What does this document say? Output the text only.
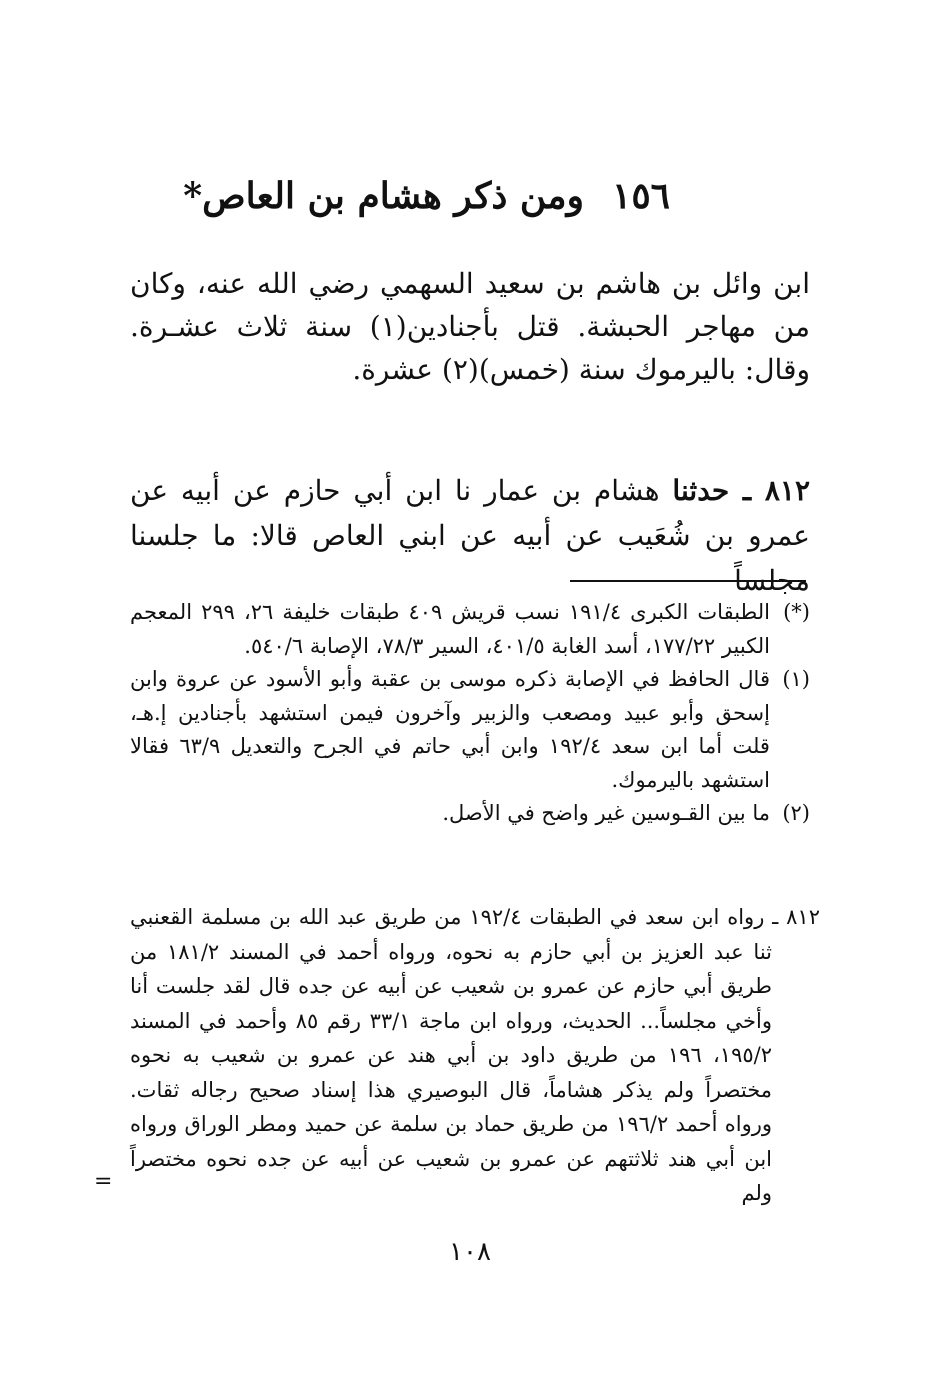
١٥٦ومن ذكر هشام بن العاص*

ابن وائل بن هاشم بن سعيد السهمي رضي الله عنه، وكان من مهاجر الحبشة. قتل بأجنادين(١) سنة ثلاث عشـرة. وقال: باليرموك سنة (خمس)(٢) عشرة.

٨١٢ ـ حدثنا هشام بن عمار نا ابن أبي حازم عن أبيه عن عمرو بن شُعَيب عن أبيه عن ابني العاص قالا: ما جلسنا مجلساً

(*)الطبقات الكبرى ١٩١/٤ نسب قريش ٤٠٩ طبقات خليفة ٢٦، ٢٩٩ المعجم الكبير ١٧٧/٢٢، أسد الغابة ٤٠١/٥، السير ٧٨/٣، الإصابة ٥٤٠/٦.

(١)قال الحافظ في الإصابة ذكره موسى بن عقبة وأبو الأسود عن عروة وابن إسحق وأبو عبيد ومصعب والزبير وآخرون فيمن استشهد بأجنادين إ.هـ، قلت أما ابن سعد ١٩٢/٤ وابن أبي حاتم في الجرح والتعديل ٦٣/٩ فقالا استشهد باليرموك.

(٢)ما بين القـوسين غير واضح في الأصل.

٨١٢ ـ رواه ابن سعد في الطبقات ١٩٢/٤ من طريق عبد الله بن مسلمة القعنبي ثنا عبد العزيز بن أبي حازم به نحوه، ورواه أحمد في المسند ١٨١/٢ من طريق أبي حازم عن عمرو بن شعيب عن أبيه عن جده قال لقد جلست أنا وأخي مجلساً... الحديث، ورواه ابن ماجة ٣٣/١ رقم ٨٥ وأحمد في المسند ١٩٥/٢، ١٩٦ من طريق داود بن أبي هند عن عمرو بن شعيب به نحوه مختصراً ولم يذكر هشاماً، قال البوصيري هذا إسناد صحيح رجاله ثقات. ورواه أحمد ١٩٦/٢ من طريق حماد بن سلمة عن حميد ومطر الوراق ورواه ابن أبي هند ثلاثتهم عن عمرو بن شعيب عن أبيه عن جده نحوه مختصراً ولم

=
١٠٨
